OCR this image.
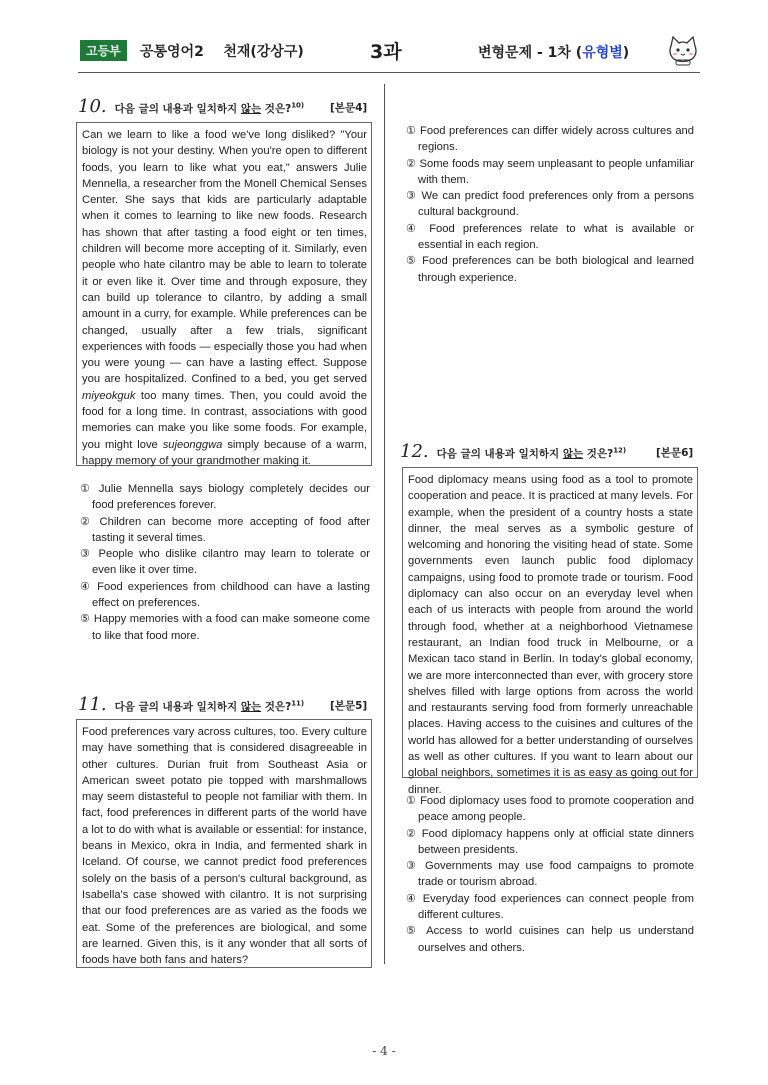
고등부	공통영어2    천재(강상구)	3과	변형문제 - 1차 (유형별)
10. 다음 글의 내용과 일치하지 않는 것은?$^{10)}$ [본문4]
Can we learn to like a food we've long disliked? "Your biology is not your destiny. When you're open to different foods, you learn to like what you eat," answers Julie Mennella, a researcher from the Monell Chemical Senses Center. She says that kids are particularly adaptable when it comes to learning to like new foods. Research has shown that after tasting a food eight or ten times, children will become more accepting of it. Similarly, even people who hate cilantro may be able to learn to tolerate it or even like it. Over time and through exposure, they can build up tolerance to cilantro, by adding a small amount in a curry, for example. While preferences can be changed, usually after a few trials, significant experiences with foods — especially those you had when you were young — can have a lasting effect. Suppose you are hospitalized. Confined to a bed, you get served miyeokguk too many times. Then, you could avoid the food for a long time. In contrast, associations with good memories can make you like some foods. For example, you might love sujeonggwa simply because of a warm, happy memory of your grandmother making it.

① Julie Mennella says biology completely decides our food preferences forever.

② Children can become more accepting of food after tasting it several times.

③ People who dislike cilantro may learn to tolerate or even like it over time.

④ Food experiences from childhood can have a lasting effect on preferences.

⑤ Happy memories with a food can make someone come to like that food more.

11. 다음 글의 내용과 일치하지 않는 것은?$^{11)}$ [본문5]
Food preferences vary across cultures, too. Every culture may have something that is considered disagreeable in other cultures. Durian fruit from Southeast Asia or American sweet potato pie topped with marshmallows may seem distasteful to people not familiar with them. In fact, food preferences in different parts of the world have a lot to do with what is available or essential: for instance, beans in Mexico, okra in India, and fermented shark in Iceland. Of course, we cannot predict food preferences solely on the basis of a person's cultural background, as Isabella's case showed with cilantro. It is not surprising that our food preferences are as varied as the foods we eat. Some of the preferences are biological, and some are learned. Given this, is it any wonder that all sorts of foods have both fans and haters?

① Food preferences can differ widely across cultures and regions.

② Some foods may seem unpleasant to people unfamiliar with them.

③ We can predict food preferences only from a persons cultural background.

④ Food preferences relate to what is available or essential in each region.

⑤ Food preferences can be both biological and learned through experience.

12. 다음 글의 내용과 일치하지 않는 것은?$^{12)}$	[본문6]
Food diplomacy means using food as a tool to promote cooperation and peace. It is practiced at many levels. For example, when the president of a country hosts a state dinner, the meal serves as a symbolic gesture of welcoming and honoring the visiting head of state. Some governments even launch public food diplomacy campaigns, using food to promote trade or tourism. Food diplomacy can also occur on an everyday level when each of us interacts with people from around the world through food, whether at a neighborhood Vietnamese restaurant, an Indian food truck in Melbourne, or a Mexican taco stand in Berlin. In today's global economy, we are more interconnected than ever, with grocery store shelves filled with large options from across the world and restaurants serving food from formerly unreachable places. Having access to the cuisines and cultures of the world has allowed for a better understanding of ourselves as well as other cultures. If you want to learn about our global neighbors, sometimes it is as easy as going out for dinner.

① Food diplomacy uses food to promote cooperation and peace among people.

② Food diplomacy happens only at official state dinners between presidents.

③ Governments may use food campaigns to promote trade or tourism abroad.

④ Everyday food experiences can connect people from different cultures.

⑤ Access to world cuisines can help us understand ourselves and others.

- 4 -
